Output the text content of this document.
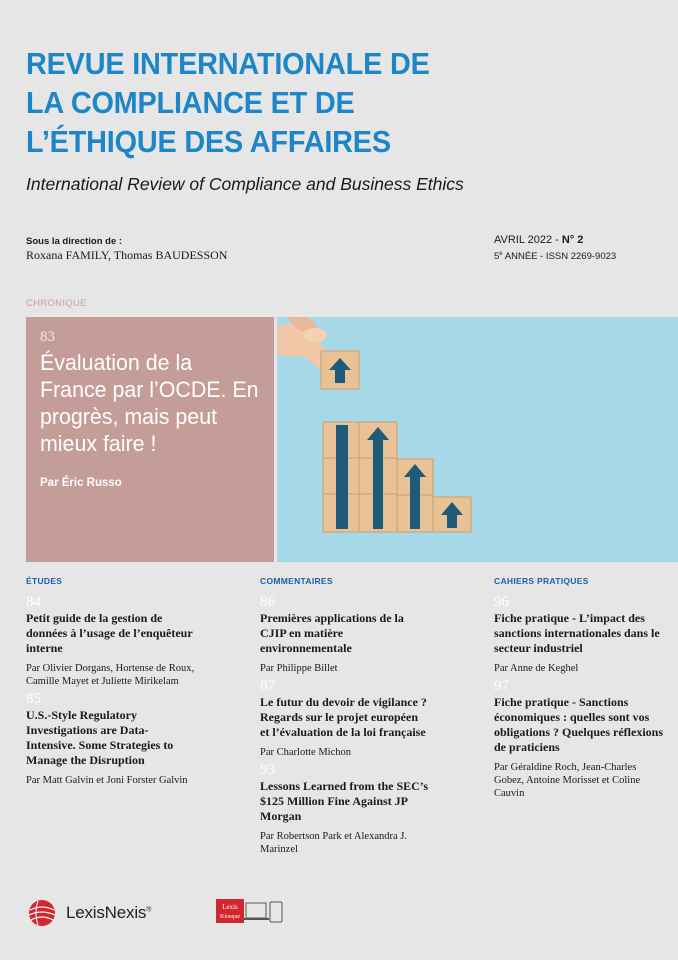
REVUE INTERNATIONALE DE
LA COMPLIANCE ET DE
L’ÉTHIQUE DES AFFAIRES
International Review of Compliance and Business Ethics
Sous la direction de :
Roxana FAMILY, Thomas BAUDESSON
AVRIL 2022 - N° 2
5e ANNÉE - ISSN 2269-9023
CHRONIQUE
83
Évaluation de la France par l’OCDE. En progrès, mais peut mieux faire !
Par Éric Russo
ÉTUDES
84
Petit guide de la gestion de données à l’usage de l’enquêteur interne
Par Olivier Dorgans, Hortense de Roux, Camille Mayet et Juliette Mirikelam
85
U.S.-Style Regulatory Investigations are Data-Intensive. Some Strategies to Manage the Disruption
Par Matt Galvin et Joni Forster Galvin
COMMENTAIRES
86
Premières applications de la CJIP en matière environnementale
Par Philippe Billet
87
Le futur du devoir de vigilance ? Regards sur le projet européen et l’évaluation de la loi française
Par Charlotte Michon
93
Lessons Learned from the SEC’s $125 Million Fine Against JP Morgan
Par Robertson Park et Alexandra J. Marinzel
CAHIERS PRATIQUES
96
Fiche pratique - L’impact des sanctions internationales dans le secteur industriel
Par Anne de Keghel
97
Fiche pratique - Sanctions économiques : quelles sont vos obligations ? Quelques réflexions de praticiens
Par Géraldine Roch, Jean-Charles Gobez, Antoine Morisset et Coline Cauvin
LexisNexis®	Lexis
Kiosque
